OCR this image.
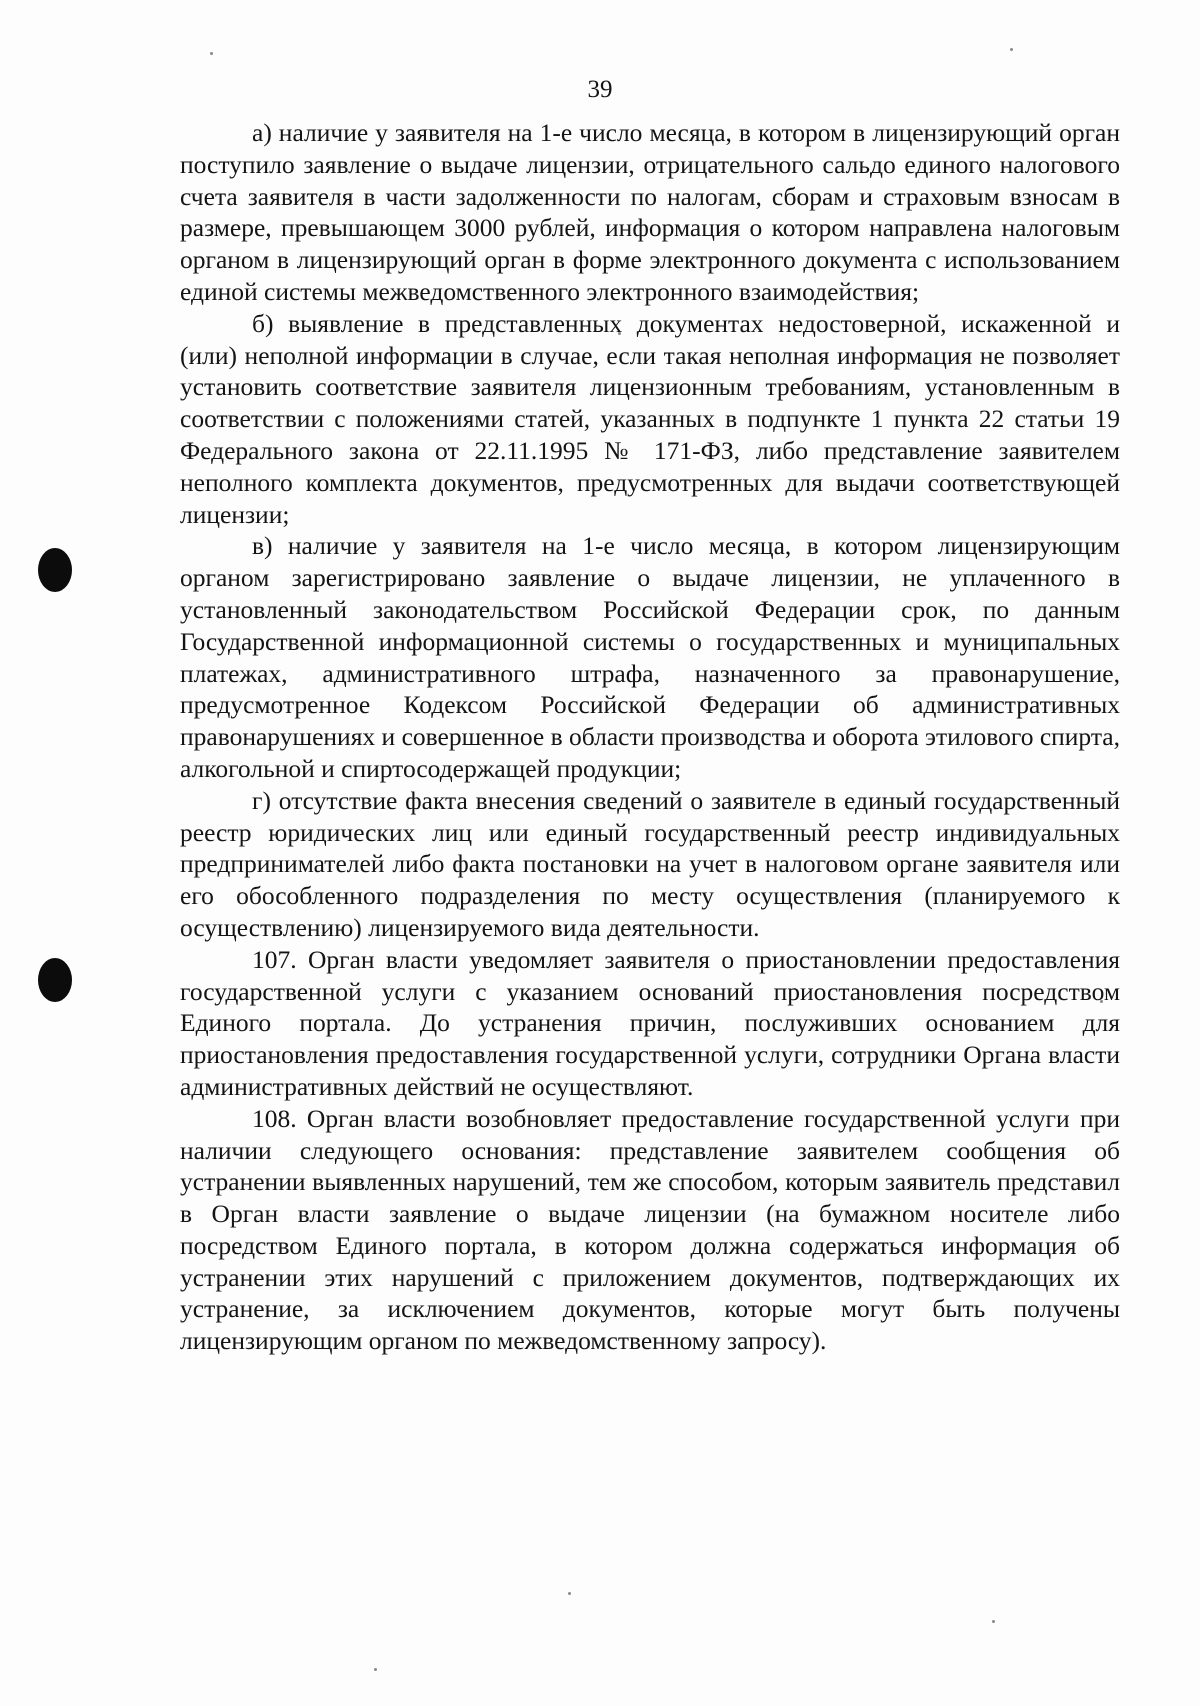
39

а) наличие у заявителя на 1-е число месяца, в котором в лицензирующий орган поступило заявление о выдаче лицензии, отрицательного сальдо единого налогового счета заявителя в части задолженности по налогам, сборам и страховым взносам в размере, превышающем 3000 рублей, информация о котором направлена налоговым органом в лицензирующий орган в форме электронного документа с использованием единой системы межведомственного электронного взаимодействия;

б) выявление в представленных документах недостоверной, искаженной и (или) неполной информации в случае, если такая неполная информация не позволяет установить соответствие заявителя лицензионным требованиям, установленным в соответствии с положениями статей, указанных в подпункте 1 пункта 22 статьи 19 Федерального закона от 22.11.1995 № 171-ФЗ, либо представление заявителем неполного комплекта документов, предусмотренных для выдачи соответствующей лицензии;

в) наличие у заявителя на 1-е число месяца, в котором лицензирующим органом зарегистрировано заявление о выдаче лицензии, не уплаченного в установленный законодательством Российской Федерации срок, по данным Государственной информационной системы о государственных и муниципальных платежах, административного штрафа, назначенного за правонарушение, предусмотренное Кодексом Российской Федерации об административных правонарушениях и совершенное в области производства и оборота этилового спирта, алкогольной и спиртосодержащей продукции;

г) отсутствие факта внесения сведений о заявителе в единый государственный реестр юридических лиц или единый государственный реестр индивидуальных предпринимателей либо факта постановки на учет в налоговом органе заявителя или его обособленного подразделения по месту осуществления (планируемого к осуществлению) лицензируемого вида деятельности.

107. Орган власти уведомляет заявителя о приостановлении предоставления государственной услуги с указанием оснований приостановления посредством Единого портала. До устранения причин, послуживших основанием для приостановления предоставления государственной услуги, сотрудники Органа власти административных действий не осуществляют.

108. Орган власти возобновляет предоставление государственной услуги при наличии следующего основания: представление заявителем сообщения об устранении выявленных нарушений, тем же способом, которым заявитель представил в Орган власти заявление о выдаче лицензии (на бумажном носителе либо посредством Единого портала, в котором должна содержаться информация об устранении этих нарушений с приложением документов, подтверждающих их устранение, за исключением документов, которые могут быть получены лицензирующим органом по межведомственному запросу).
